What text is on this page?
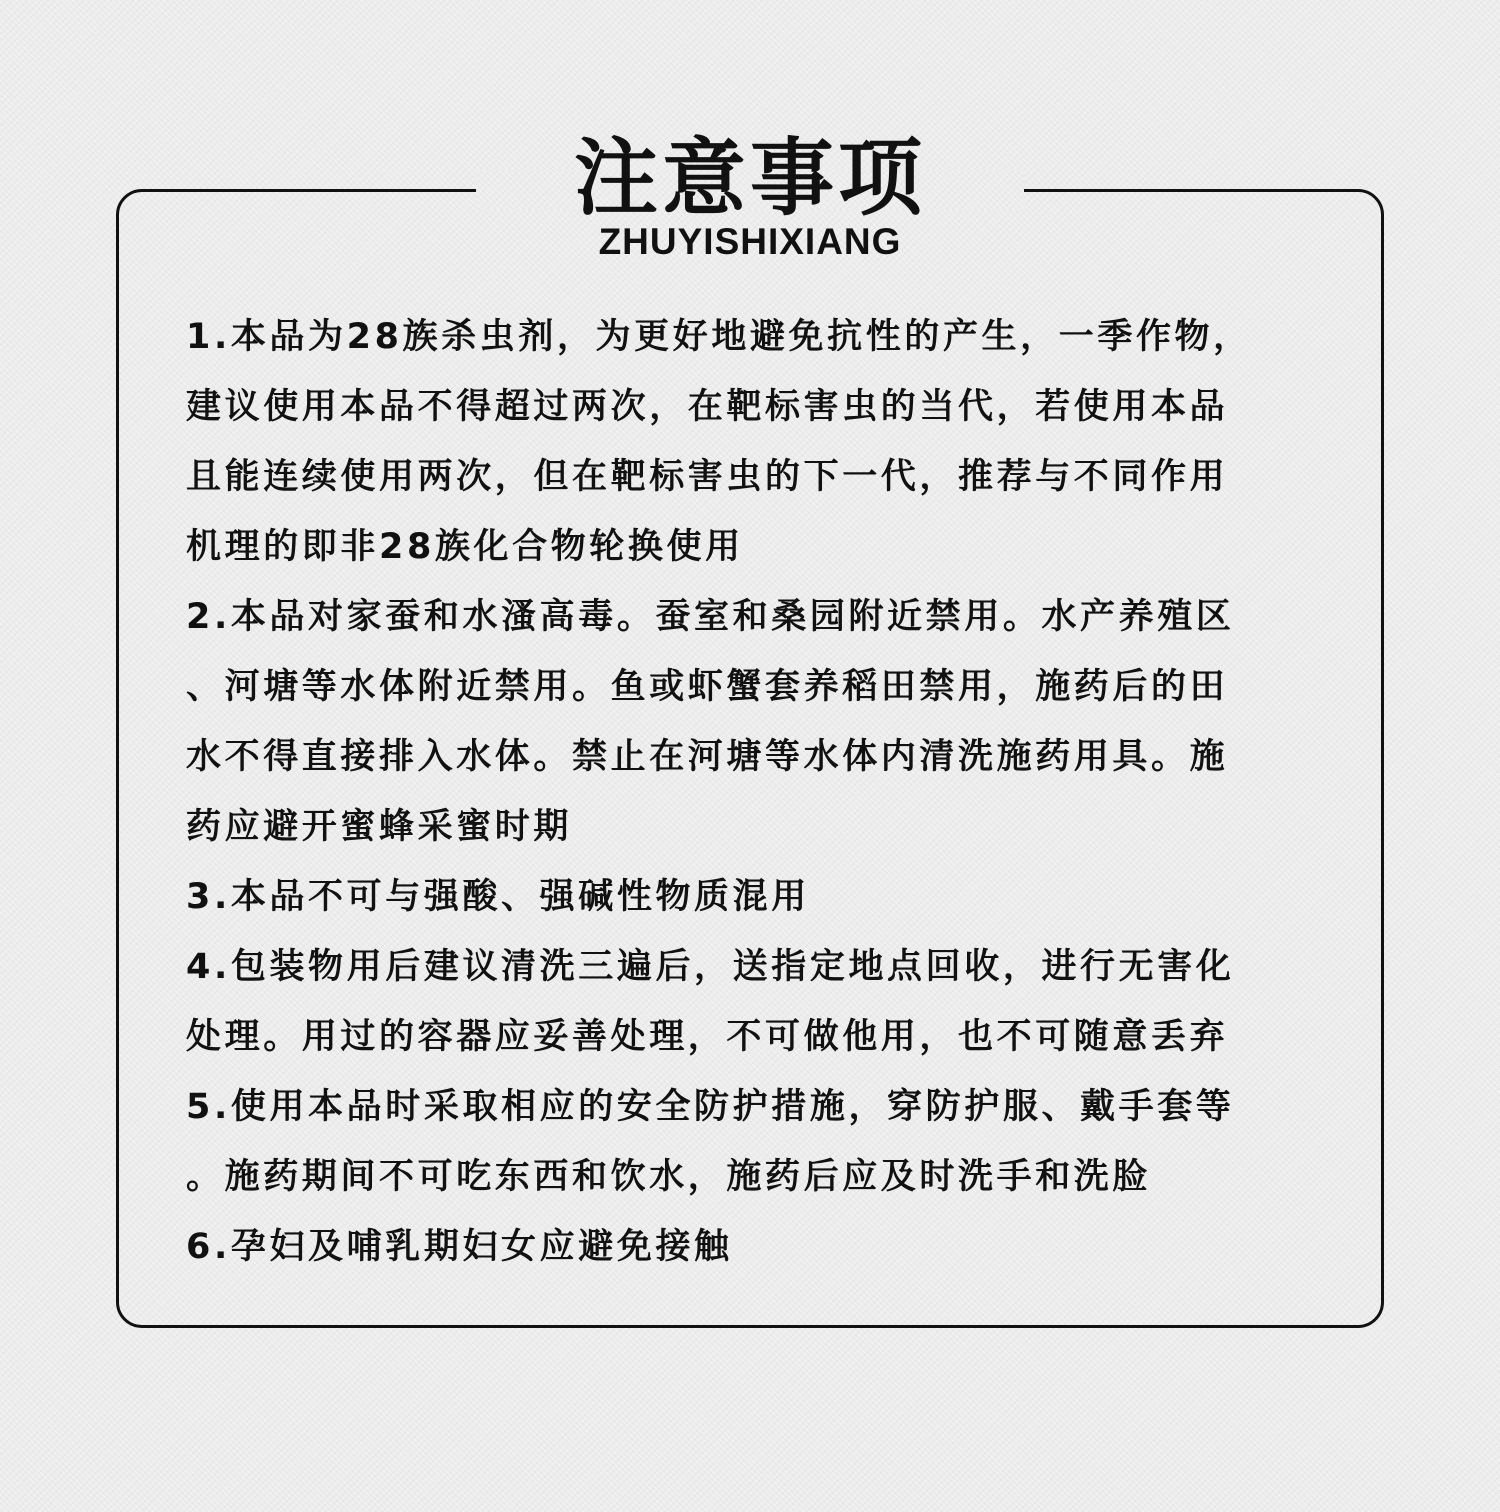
注意事项
ZHUYISHIXIANG
1.本品为28族杀虫剂，为更好地避免抗性的产生，一季作物，
建议使用本品不得超过两次，在靶标害虫的当代，若使用本品
且能连续使用两次，但在靶标害虫的下一代，推荐与不同作用
机理的即非28族化合物轮换使用
2.本品对家蚕和水溞高毒。蚕室和桑园附近禁用。水产养殖区
、河塘等水体附近禁用。鱼或虾蟹套养稻田禁用，施药后的田
水不得直接排入水体。禁止在河塘等水体内清洗施药用具。施
药应避开蜜蜂采蜜时期
3.本品不可与强酸、强碱性物质混用
4.包装物用后建议清洗三遍后，送指定地点回收，进行无害化
处理。用过的容器应妥善处理，不可做他用，也不可随意丢弃
5.使用本品时采取相应的安全防护措施，穿防护服、戴手套等
。施药期间不可吃东西和饮水，施药后应及时洗手和洗脸
6.孕妇及哺乳期妇女应避免接触
